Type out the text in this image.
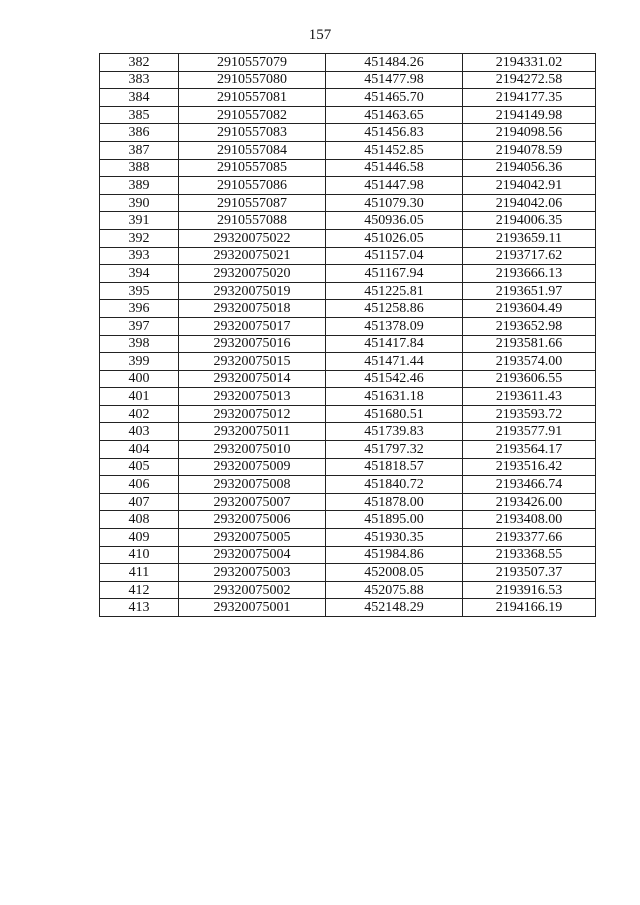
157
382	2910557079	451484.26	2194331.02
383	2910557080	451477.98	2194272.58
384	2910557081	451465.70	2194177.35
385	2910557082	451463.65	2194149.98
386	2910557083	451456.83	2194098.56
387	2910557084	451452.85	2194078.59
388	2910557085	451446.58	2194056.36
389	2910557086	451447.98	2194042.91
390	2910557087	451079.30	2194042.06
391	2910557088	450936.05	2194006.35
392	29320075022	451026.05	2193659.11
393	29320075021	451157.04	2193717.62
394	29320075020	451167.94	2193666.13
395	29320075019	451225.81	2193651.97
396	29320075018	451258.86	2193604.49
397	29320075017	451378.09	2193652.98
398	29320075016	451417.84	2193581.66
399	29320075015	451471.44	2193574.00
400	29320075014	451542.46	2193606.55
401	29320075013	451631.18	2193611.43
402	29320075012	451680.51	2193593.72
403	29320075011	451739.83	2193577.91
404	29320075010	451797.32	2193564.17
405	29320075009	451818.57	2193516.42
406	29320075008	451840.72	2193466.74
407	29320075007	451878.00	2193426.00
408	29320075006	451895.00	2193408.00
409	29320075005	451930.35	2193377.66
410	29320075004	451984.86	2193368.55
411	29320075003	452008.05	2193507.37
412	29320075002	452075.88	2193916.53
413	29320075001	452148.29	2194166.19
